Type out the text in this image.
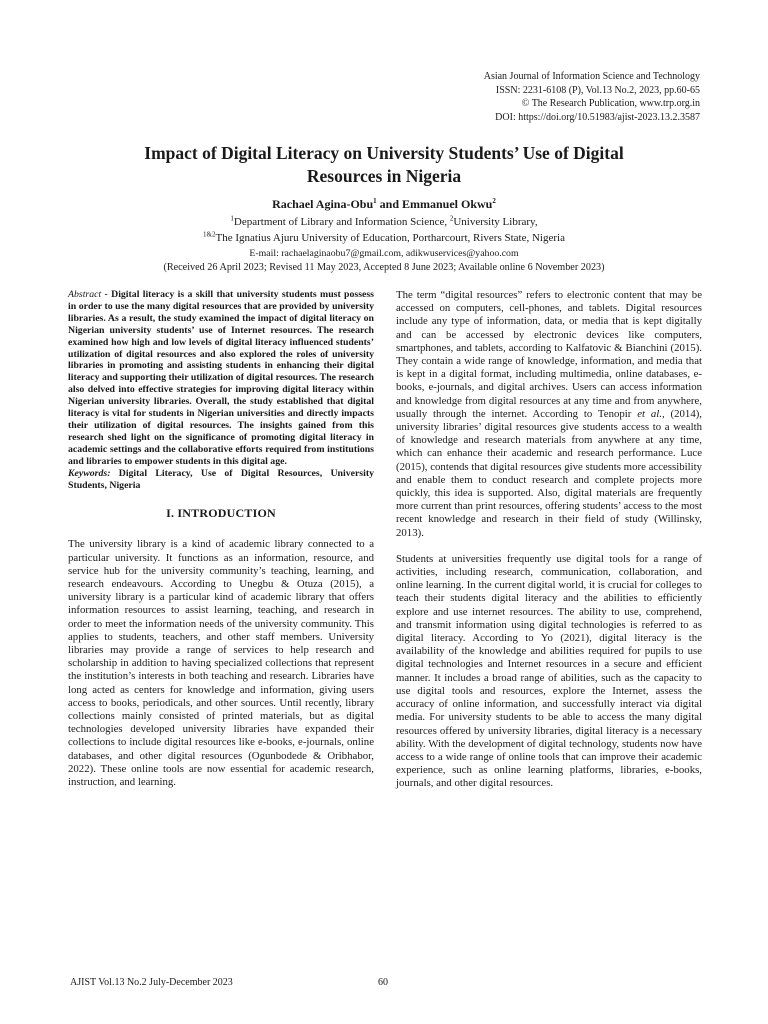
Asian Journal of Information Science and Technology
ISSN: 2231-6108 (P), Vol.13 No.2, 2023, pp.60-65
© The Research Publication, www.trp.org.in
DOI: https://doi.org/10.51983/ajist-2023.13.2.3587
Impact of Digital Literacy on University Students’ Use of Digital
Resources in Nigeria
Rachael Agina-Obu$^1$ and Emmanuel Okwu$^2$
$^1$Department of Library and Information Science, $^2$University Library,
$^{1\&2}$The Ignatius Ajuru University of Education, Portharcourt, Rivers State, Nigeria
E-mail: rachaelaginaobu7@gmail.com, adikwuservices@yahoo.com
(Received 26 April 2023; Revised 11 May 2023, Accepted 8 June 2023; Available online 6 November 2023)

Abstract - Digital literacy is a skill that university students must possess in order to use the many digital resources that are provided by university libraries. As a result, the study examined the impact of digital literacy on Nigerian university students’ use of Internet resources. The research examined how high and low levels of digital literacy influenced students’ utilization of digital resources and also explored the roles of university libraries in promoting and assisting students in enhancing their digital literacy and supporting their utilization of digital resources. The research also delved into effective strategies for improving digital literacy within Nigerian university libraries. Overall, the study established that digital literacy is vital for students in Nigerian universities and directly impacts their utilization of digital resources. The insights gained from this research shed light on the significance of promoting digital literacy in academic settings and the collaborative efforts required from institutions and libraries to empower students in this digital age.

Keywords: Digital Literacy, Use of Digital Resources, University Students, Nigeria

I. INTRODUCTION

The university library is a kind of academic library connected to a particular university. It functions as an information, resource, and service hub for the university community’s teaching, learning, and research endeavours. According to Unegbu & Otuza (2015), a university library is a particular kind of academic library that offers information resources to assist learning, teaching, and research in order to meet the information needs of the university community. This applies to students, teachers, and other staff members. University libraries may provide a range of services to help research and scholarship in addition to having specialized collections that represent the institution’s interests in both teaching and research. Libraries have long acted as centers for knowledge and information, giving users access to books, periodicals, and other sources. Until recently, library collections mainly consisted of printed materials, but as digital technologies developed university libraries have expanded their collections to include digital resources like e-books, e-journals, online databases, and other digital resources (Ogunbodede & Oribhabor, 2022). These online tools are now essential for academic research, instruction, and learning.

The term “digital resources” refers to electronic content that may be accessed on computers, cell-phones, and tablets. Digital resources include any type of information, data, or media that is kept digitally and can be accessed by electronic devices like computers, smartphones, and tablets, according to Kalfatovic & Bianchini (2015). They contain a wide range of knowledge, information, and media that is kept in a digital format, including multimedia, online databases, e-books, e-journals, and digital archives. Users can access information and knowledge from digital resources at any time and from anywhere, usually through the internet. According to Tenopir et al., (2014), university libraries’ digital resources give students access to a wealth of knowledge and research materials from anywhere at any time, which can enhance their academic and research performance. Luce (2015), contends that digital resources give students more accessibility and enable them to conduct research and complete projects more quickly, this idea is supported. Also, digital materials are frequently more current than print resources, offering students’ access to the most recent knowledge and research in their field of study (Willinsky, 2013).

Students at universities frequently use digital tools for a range of activities, including research, communication, collaboration, and online learning. In the current digital world, it is crucial for colleges to teach their students digital literacy and the abilities to efficiently explore and use internet resources. The ability to use, comprehend, and transmit information using digital technologies is referred to as digital literacy. According to Yo (2021), digital literacy is the availability of the knowledge and abilities required for pupils to use digital technologies and Internet resources in a secure and efficient manner. It includes a broad range of abilities, such as the capacity to use digital tools and resources, explore the Internet, assess the accuracy of online information, and successfully interact via digital media. For university students to be able to access the many digital resources offered by university libraries, digital literacy is a necessary ability. With the development of digital technology, students now have access to a wide range of online tools that can improve their academic experience, such as online learning platforms, libraries, e-books, journals, and other digital resources.

AJIST Vol.13 No.2 July-December 2023	60
